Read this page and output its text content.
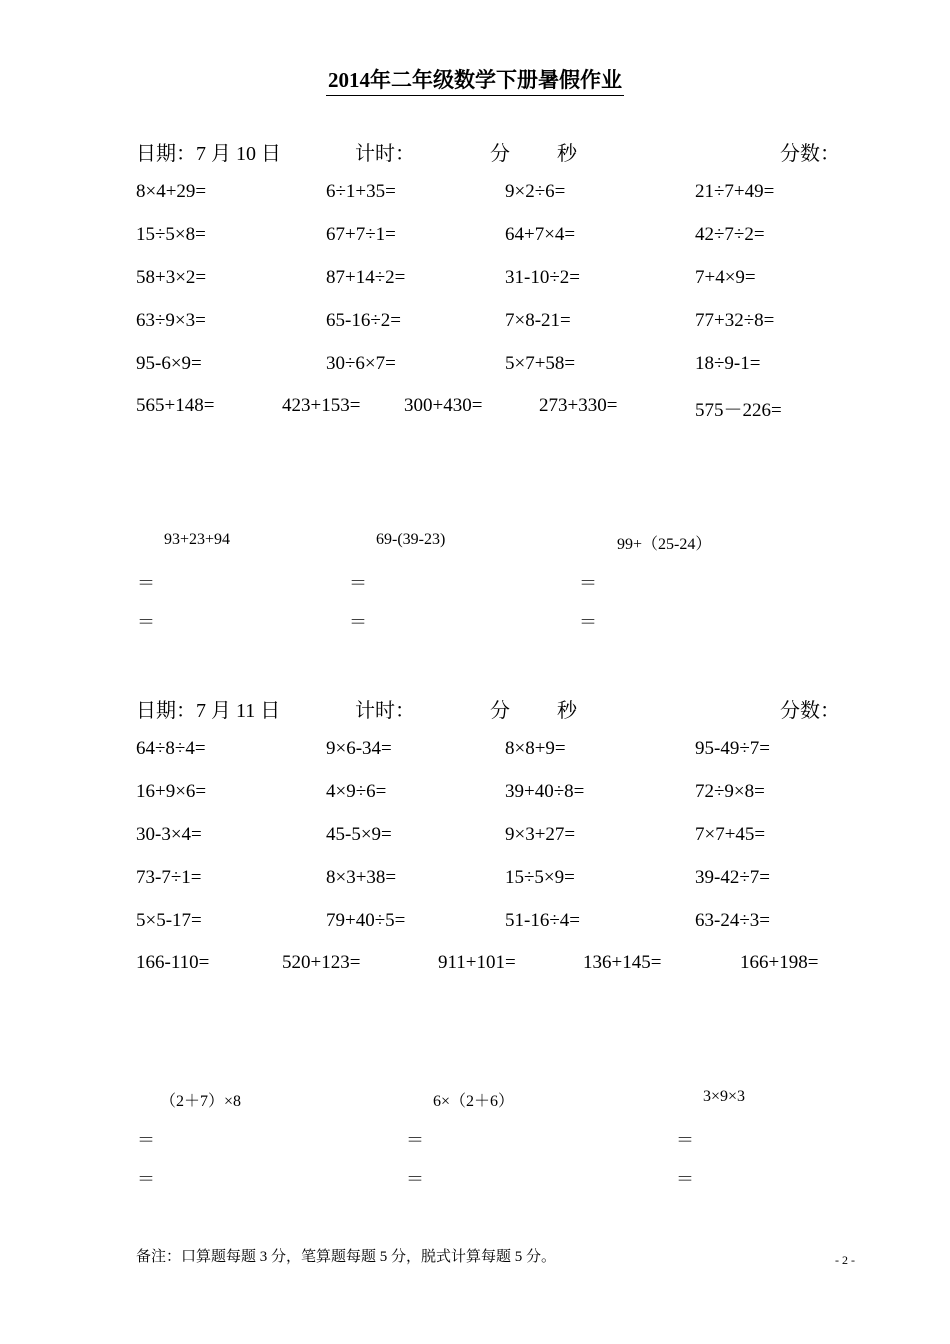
2014年二年级数学下册暑假作业
日期：7 月 10 日	计时：	分 秒	分数：
8×4+29=	6÷1+35=	9×2÷6=	21÷7+49=
15÷5×8=	67+7÷1=	64+7×4=	42÷7÷2=
58+3×2=	87+14÷2=	31-10÷2=	7+4×9=
63÷9×3=	65-16÷2=	7×8-21=	77+32÷8=
95-6×9=	30÷6×7=	5×7+58=	18÷9-1=
565+148=	423+153= 300+430=	273+330=	575－226=
93+23+94
＝
＝
69-(39-23)
＝
＝
99+（25-24）
＝
＝
日期：7 月 11 日	计时：	分 秒	分数：
64÷8÷4=	9×6-34=	8×8+9=	95-49÷7=
16+9×6=	4×9÷6=	39+40÷8=	72÷9×8=
30-3×4=	45-5×9=	9×3+27=	7×7+45=
73-7÷1=	8×3+38=	15÷5×9=	39-42÷7=
5×5-17=	79+40÷5=	51-16÷4=	63-24÷3=
166-110=	520+123=	911+101=	136+145=	166+198=
（2＋7）×8
＝
＝
6×（2＋6）
＝
＝
3×9×3
＝
＝
备注：口算题每题 3 分，笔算题每题 5 分，脱式计算每题 5 分。	- 2 -
